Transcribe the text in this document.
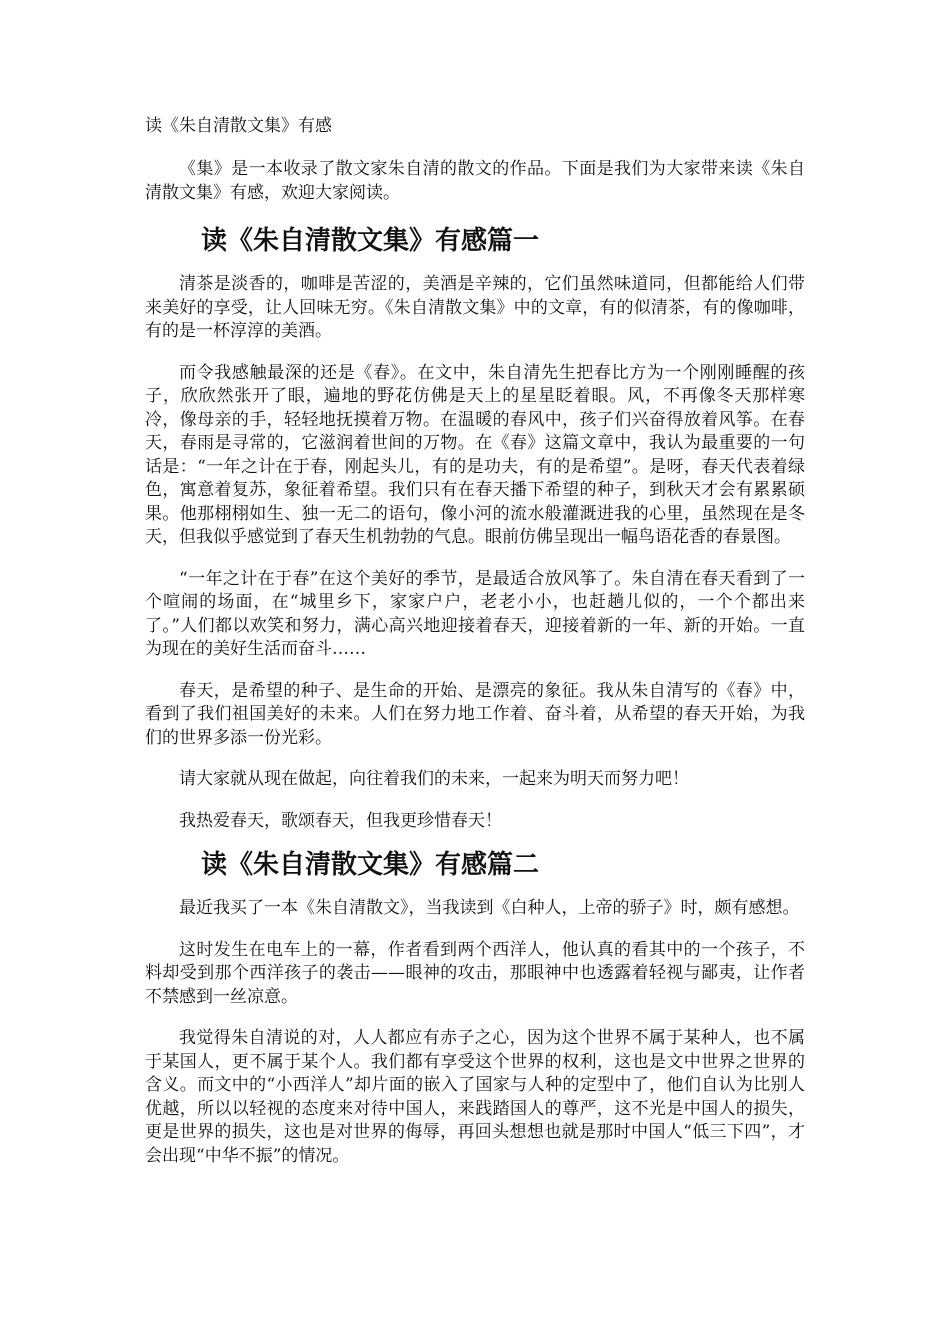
读《朱自清散文集》有感

《集》是一本收录了散文家朱自清的散文的作品。下面是我们为大家带来读《朱自清散文集》有感，欢迎大家阅读。

读《朱自清散文集》有感篇一

清茶是淡香的，咖啡是苦涩的，美酒是辛辣的，它们虽然味道同，但都能给人们带来美好的享受，让人回味无穷。《朱自清散文集》中的文章，有的似清茶，有的像咖啡，有的是一杯淳淳的美酒。

而令我感触最深的还是《春》。在文中，朱自清先生把春比方为一个刚刚睡醒的孩子，欣欣然张开了眼，遍地的野花仿佛是天上的星星眨着眼。风，不再像冬天那样寒冷，像母亲的手，轻轻地抚摸着万物。在温暖的春风中，孩子们兴奋得放着风筝。在春天，春雨是寻常的，它滋润着世间的万物。在《春》这篇文章中，我认为最重要的一句话是：“一年之计在于春，刚起头儿，有的是功夫，有的是希望”。是呀，春天代表着绿色，寓意着复苏，象征着希望。我们只有在春天播下希望的种子，到秋天才会有累累硕果。他那栩栩如生、独一无二的语句，像小河的流水般灌溉进我的心里，虽然现在是冬天，但我似乎感觉到了春天生机勃勃的气息。眼前仿佛呈现出一幅鸟语花香的春景图。

“一年之计在于春”在这个美好的季节，是最适合放风筝了。朱自清在春天看到了一个喧闹的场面，在“城里乡下，家家户户，老老小小，也赶趟儿似的，一个个都出来了。”人们都以欢笑和努力，满心高兴地迎接着春天，迎接着新的一年、新的开始。一直为现在的美好生活而奋斗……

春天，是希望的种子、是生命的开始、是漂亮的象征。我从朱自清写的《春》中，看到了我们祖国美好的未来。人们在努力地工作着、奋斗着，从希望的春天开始，为我们的世界多添一份光彩。

请大家就从现在做起，向往着我们的未来，一起来为明天而努力吧！

我热爱春天，歌颂春天，但我更珍惜春天！

读《朱自清散文集》有感篇二

最近我买了一本《朱自清散文》，当我读到《白种人，上帝的骄子》时，颇有感想。

这时发生在电车上的一幕，作者看到两个西洋人，他认真的看其中的一个孩子，不料却受到那个西洋孩子的袭击——眼神的攻击，那眼神中也透露着轻视与鄙夷，让作者不禁感到一丝凉意。

我觉得朱自清说的对，人人都应有赤子之心，因为这个世界不属于某种人，也不属于某国人，更不属于某个人。我们都有享受这个世界的权利，这也是文中世界之世界的含义。而文中的“小西洋人”却片面的嵌入了国家与人种的定型中了，他们自认为比别人优越，所以以轻视的态度来对待中国人，来践踏国人的尊严，这不光是中国人的损失，更是世界的损失，这也是对世界的侮辱，再回头想想也就是那时中国人“低三下四”，才会出现“中华不振”的情况。
